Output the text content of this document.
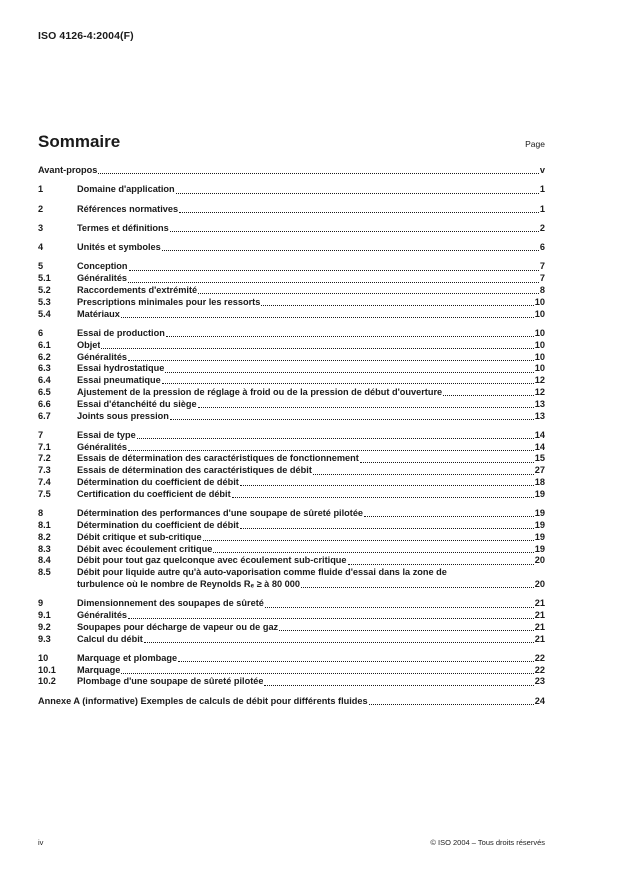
ISO 4126-4:2004(F)
Sommaire	Page
Avant-propos	v
1	Domaine d'application	1
2	Références normatives	1
3	Termes et définitions	2
4	Unités et symboles	6
5	Conception	7
5.1	Généralités	7
5.2	Raccordements d'extrémité	8
5.3	Prescriptions minimales pour les ressorts	10
5.4	Matériaux	10
6	Essai de production	10
6.1	Objet	10
6.2	Généralités	10
6.3	Essai hydrostatique	10
6.4	Essai pneumatique	12
6.5	Ajustement de la pression de réglage à froid ou de la pression de début d'ouverture	12
6.6	Essai d'étanchéité du siège	13
6.7	Joints sous pression	13
7	Essai de type	14
7.1	Généralités	14
7.2	Essais de détermination des caractéristiques de fonctionnement	15
7.3	Essais de détermination des caractéristiques de débit	27
7.4	Détermination du coefficient de débit	18
7.5	Certification du coefficient de débit	19
8	Détermination des performances d'une soupape de sûreté pilotée	19
8.1	Détermination du coefficient de débit	19
8.2	Débit critique et sub-critique	19
8.3	Débit avec écoulement critique	19
8.4	Débit pour tout gaz quelconque avec écoulement sub-critique	20
8.5	Débit pour liquide autre qu'à auto-vaporisation comme fluide d'essai dans la zone de
turbulence où le nombre de Reynolds Rₑ ≥ à 80 000	20
9	Dimensionnement des soupapes de sûreté	21
9.1	Généralités	21
9.2	Soupapes pour décharge de vapeur ou de gaz	21
9.3	Calcul du débit	21
10	Marquage et plombage	22
10.1	Marquage	22
10.2	Plombage d'une soupape de sûreté pilotée	23
Annexe A (informative) Exemples de calculs de débit pour différents fluides	24
iv	© ISO 2004 – Tous droits réservés
